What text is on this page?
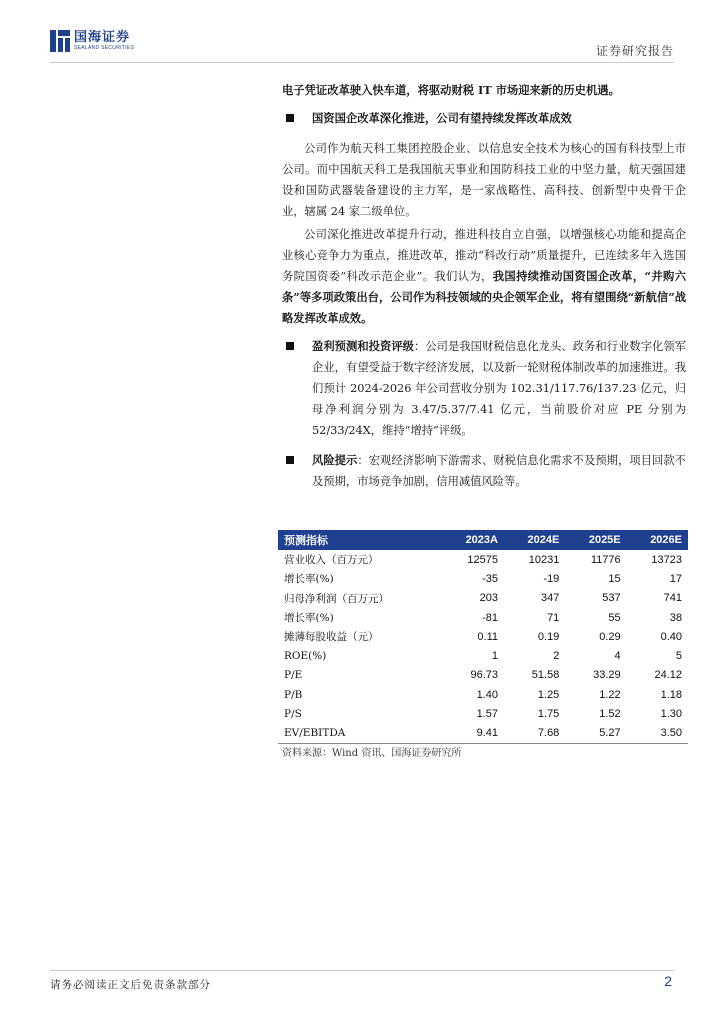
国海证券
SEALAND SECURITIES	证券研究报告

电子凭证改革驶入快车道，将驱动财税 IT 市场迎来新的历史机遇。

国资国企改革深化推进，公司有望持续发挥改革成效

公司作为航天科工集团控股企业、以信息安全技术为核心的国有科技型上市公司。而中国航天科工是我国航天事业和国防科技工业的中坚力量，航天强国建设和国防武器装备建设的主力军，是一家战略性、高科技、创新型中央骨干企业，辖属 24 家二级单位。

公司深化推进改革提升行动，推进科技自立自强，以增强核心功能和提高企业核心竞争力为重点，推进改革，推动“科改行动”质量提升，已连续多年入选国务院国资委“科改示范企业”。我们认为，我国持续推动国资国企改革，“并购六条”等多项政策出台，公司作为科技领域的央企领军企业，将有望围绕“新航信”战略发挥改革成效。

盈利预测和投资评级：公司是我国财税信息化龙头、政务和行业数字化领军企业，有望受益于数字经济发展，以及新一轮财税体制改革的加速推进。我们预计 2024-2026 年公司营收分别为 102.31/117.76/137.23 亿元，归母净利润分别为 3.47/5.37/7.41 亿元，当前股价对应 PE 分别为 52/33/24X，维持“增持”评级。

风险提示：宏观经济影响下游需求、财税信息化需求不及预期，项目回款不及预期，市场竞争加剧，信用减值风险等。

预测指标	2023A	2024E	2025E	2026E
营业收入（百万元）	12575	10231	11776	13723
增长率(%)	-35	-19	15	17
归母净利润（百万元）	203	347	537	741
增长率(%)	-81	71	55	38
摊薄每股收益（元）	0.11	0.19	0.29	0.40
ROE(%)	1	2	4	5
P/E	96.73	51.58	33.29	24.12
P/B	1.40	1.25	1.22	1.18
P/S	1.57	1.75	1.52	1.30
EV/EBITDA	9.41	7.68	5.27	3.50
资料来源：Wind 资讯、国海证券研究所
请务必阅读正文后免责条款部分	2
